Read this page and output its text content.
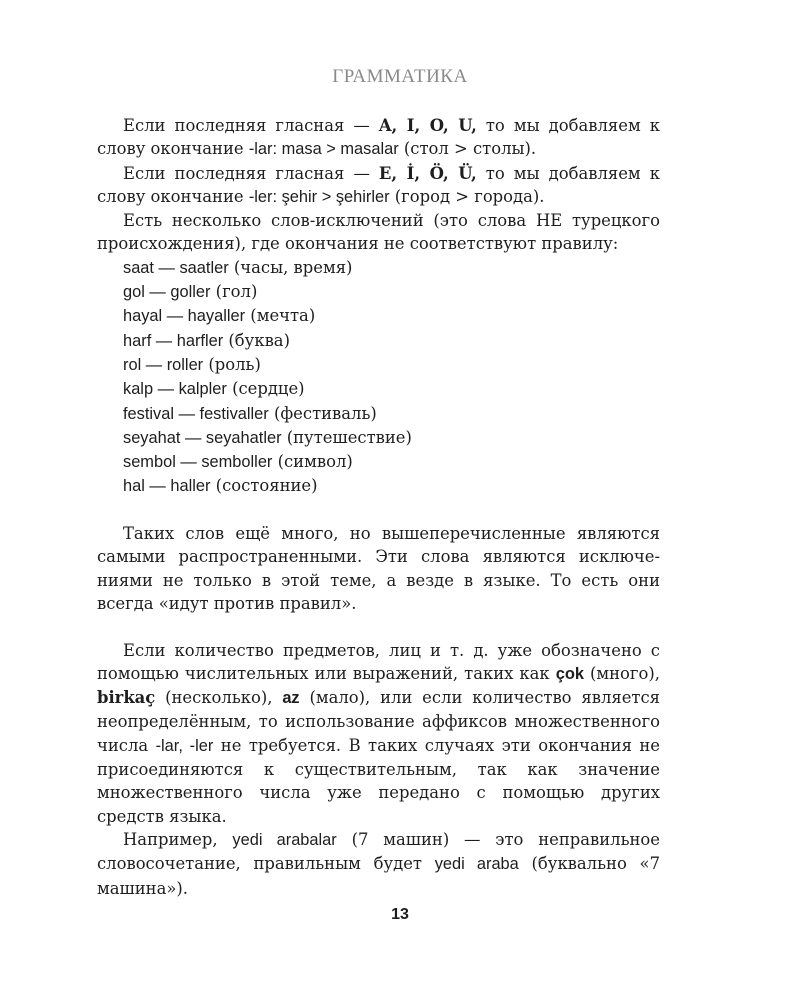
ГРАММАТИКА

Если последняя гласная — A, I, O, U, то мы добавляем к слову окончание -lar: masa > masalar (стол > столы).

Если последняя гласная — E, İ, Ö, Ü, то мы добавляем к слову окончание -ler: şehir > şehirler (город > города).

Есть несколько слов-исключений (это слова НЕ турецкого происхождения), где окончания не соответствуют правилу:

saat — saatler (часы, время)
gol — goller (гол)
hayal — hayaller (мечта)
harf — harfler (буква)
rol — roller (роль)
kalp — kalpler (сердце)
festival — festivaller (фестиваль)
seyahat — seyahatler (путешествие)
sembol — semboller (символ)
hal — haller (состояние)

Таких слов ещё много, но вышеперечисленные являются самыми распространенными. Эти слова являются исключениями не только в этой теме, а везде в языке. То есть они всегда «идут против правил».

Если количество предметов, лиц и т. д. уже обозначено с помощью числительных или выражений, таких как çok (много), birkaç (несколько), az (мало), или если количество является неопределённым, то использование аффиксов множественного числа -lar, -ler не требуется. В таких случаях эти окончания не присоединяются к существительным, так как значение множественного числа уже передано с помощью других средств языка.

Например, yedi arabalar (7 машин) — это неправильное словосочетание, правильным будет yedi araba (буквально «7 машина»).

13
